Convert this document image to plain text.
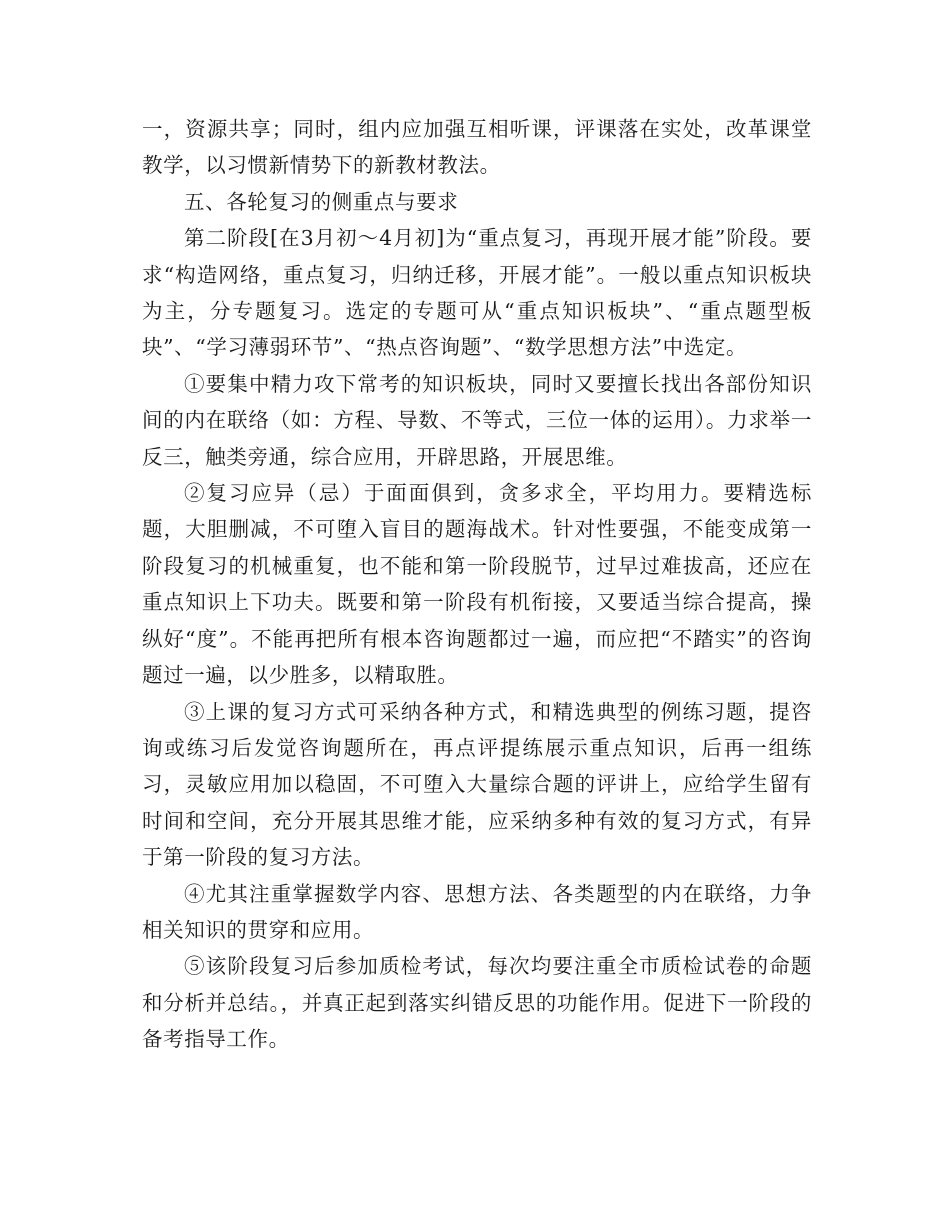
一，资源共享；同时，组内应加强互相听课，评课落在实处，改革课堂教学，以习惯新情势下的新教材教法。

五、各轮复习的侧重点与要求

第二阶段[在3月初～4月初]为“重点复习，再现开展才能”阶段。要求“构造网络，重点复习，归纳迁移，开展才能”。一般以重点知识板块为主，分专题复习。选定的专题可从“重点知识板块”、“重点题型板块”、“学习薄弱环节”、“热点咨询题”、“数学思想方法”中选定。

①要集中精力攻下常考的知识板块，同时又要擅长找出各部份知识间的内在联络（如：方程、导数、不等式，三位一体的运用）。力求举一反三，触类旁通，综合应用，开辟思路，开展思维。

②复习应异（忌）于面面俱到，贪多求全，平均用力。要精选标题，大胆删减，不可堕入盲目的题海战术。针对性要强，不能变成第一阶段复习的机械重复，也不能和第一阶段脱节，过早过难拔高，还应在重点知识上下功夫。既要和第一阶段有机衔接，又要适当综合提高，操纵好“度”。不能再把所有根本咨询题都过一遍，而应把“不踏实”的咨询题过一遍，以少胜多，以精取胜。

③上课的复习方式可采纳各种方式，和精选典型的例练习题，提咨询或练习后发觉咨询题所在，再点评提练展示重点知识，后再一组练习，灵敏应用加以稳固，不可堕入大量综合题的评讲上，应给学生留有时间和空间，充分开展其思维才能，应采纳多种有效的复习方式，有异于第一阶段的复习方法。

④尤其注重掌握数学内容、思想方法、各类题型的内在联络，力争相关知识的贯穿和应用。

⑤该阶段复习后参加质检考试，每次均要注重全市质检试卷的命题和分析并总结。，并真正起到落实纠错反思的功能作用。促进下一阶段的备考指导工作。
